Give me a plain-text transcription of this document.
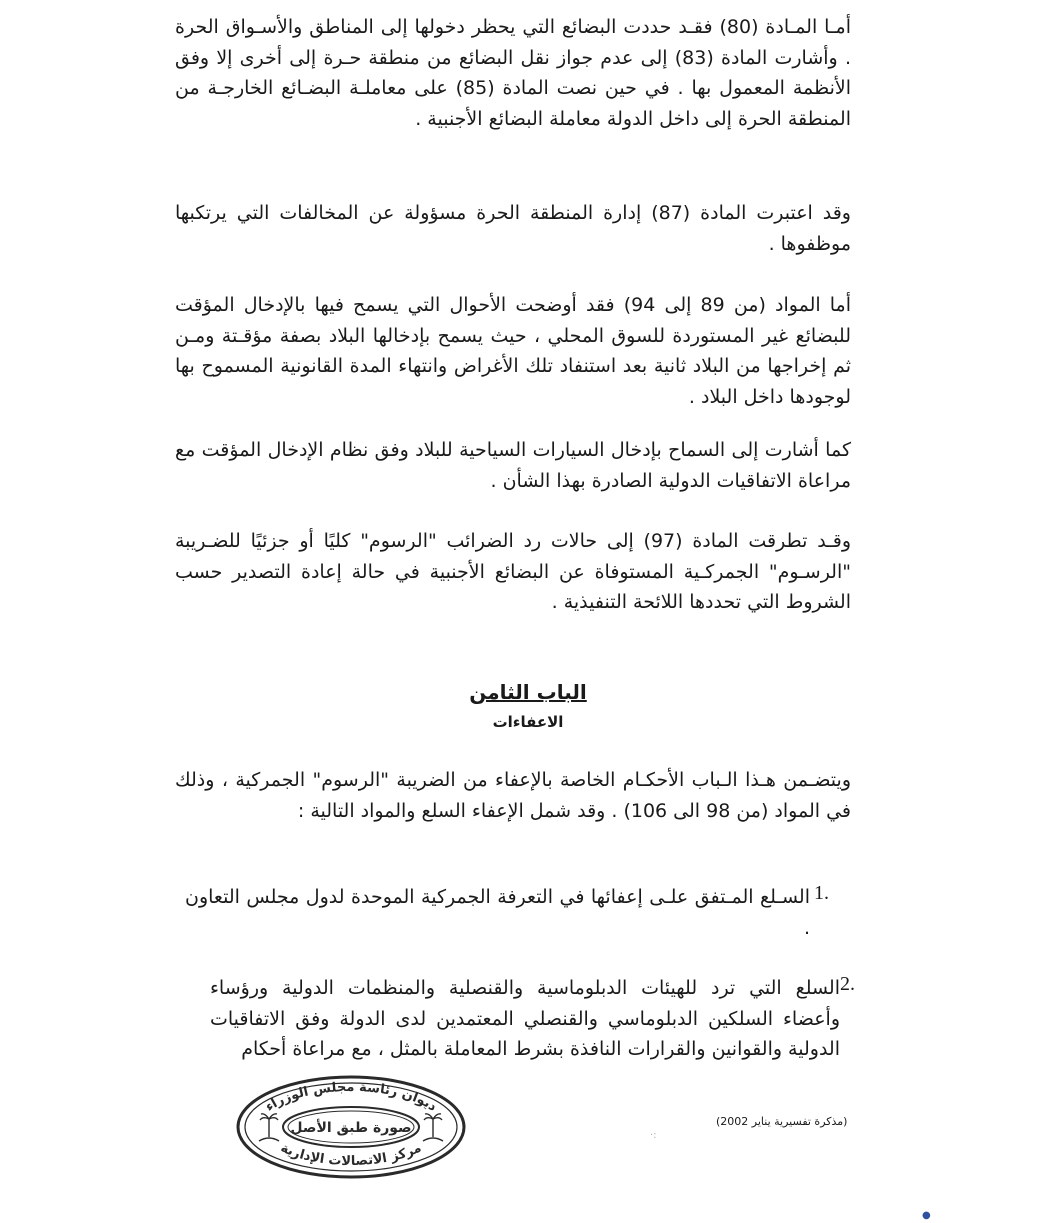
أمـا المـادة (80) فقـد حددت البضائع التي يحظر دخولها إلى المناطق والأسـواق الحرة . وأشارت المادة (83) إلى عدم جواز نقل البضائع من منطقة حـرة إلى أخرى إلا وفق الأنظمة المعمول بها . في حين نصت المادة (85) على معاملـة البضـائع الخارجـة من المنطقة الحرة إلى داخل الدولة معاملة البضائع الأجنبية .

وقد اعتبرت المادة (87) إدارة المنطقة الحرة مسؤولة عن المخالفات التي يرتكبها موظفوها .

أما المواد (من 89 إلى 94) فقد أوضحت الأحوال التي يسمح فيها بالإدخال المؤقت للبضائع غير المستوردة للسوق المحلي ، حيث يسمح بإدخالها البلاد بصفة مؤقـتة ومـن ثم إخراجها من البلاد ثانية بعد استنفاد تلك الأغراض وانتهاء المدة القانونية المسموح بها لوجودها داخل البلاد .

كما أشارت إلى السماح بإدخال السيارات السياحية للبلاد وفق نظام الإدخال المؤقت مع مراعاة الاتفاقيات الدولية الصادرة بهذا الشأن .

وقـد تطرقت المادة (97) إلى حالات رد الضرائب "الرسوم" كليًا أو جزئيًا للضـريبة "الرسـوم" الجمركـية المستوفاة عن البضائع الأجنبية في حالة إعادة التصدير حسب الشروط التي تحددها اللائحة التنفيذية .

الباب الثامن

الاعفاءات

ويتضـمن هـذا الـباب الأحكـام الخاصة بالإعفاء من الضريبة "الرسوم" الجمركية ، وذلك في المواد (من 98 الى 106) . وقد شمل الإعفاء السلع والمواد التالية :

1.

السـلع المـتفق علـى إعفائها في التعرفة الجمركية الموحدة لدول مجلس التعاون .

2.

السلع التي ترد للهيئات الدبلوماسية والقنصلية والمنظمات الدولية ورؤساء وأعضاء السلكين الدبلوماسي والقنصلي المعتمدين لدى الدولة وفق الاتفاقيات الدولية والقوانين والقرارات النافذة بشرط المعاملة بالمثل ، مع مراعاة أحكام

ديوان رئاسة مجلس الوزراء
مركز الاتصالات الإدارية
صورة طبق الأصل	(مذكرة تفسيرية يناير 2002)
·:
●
